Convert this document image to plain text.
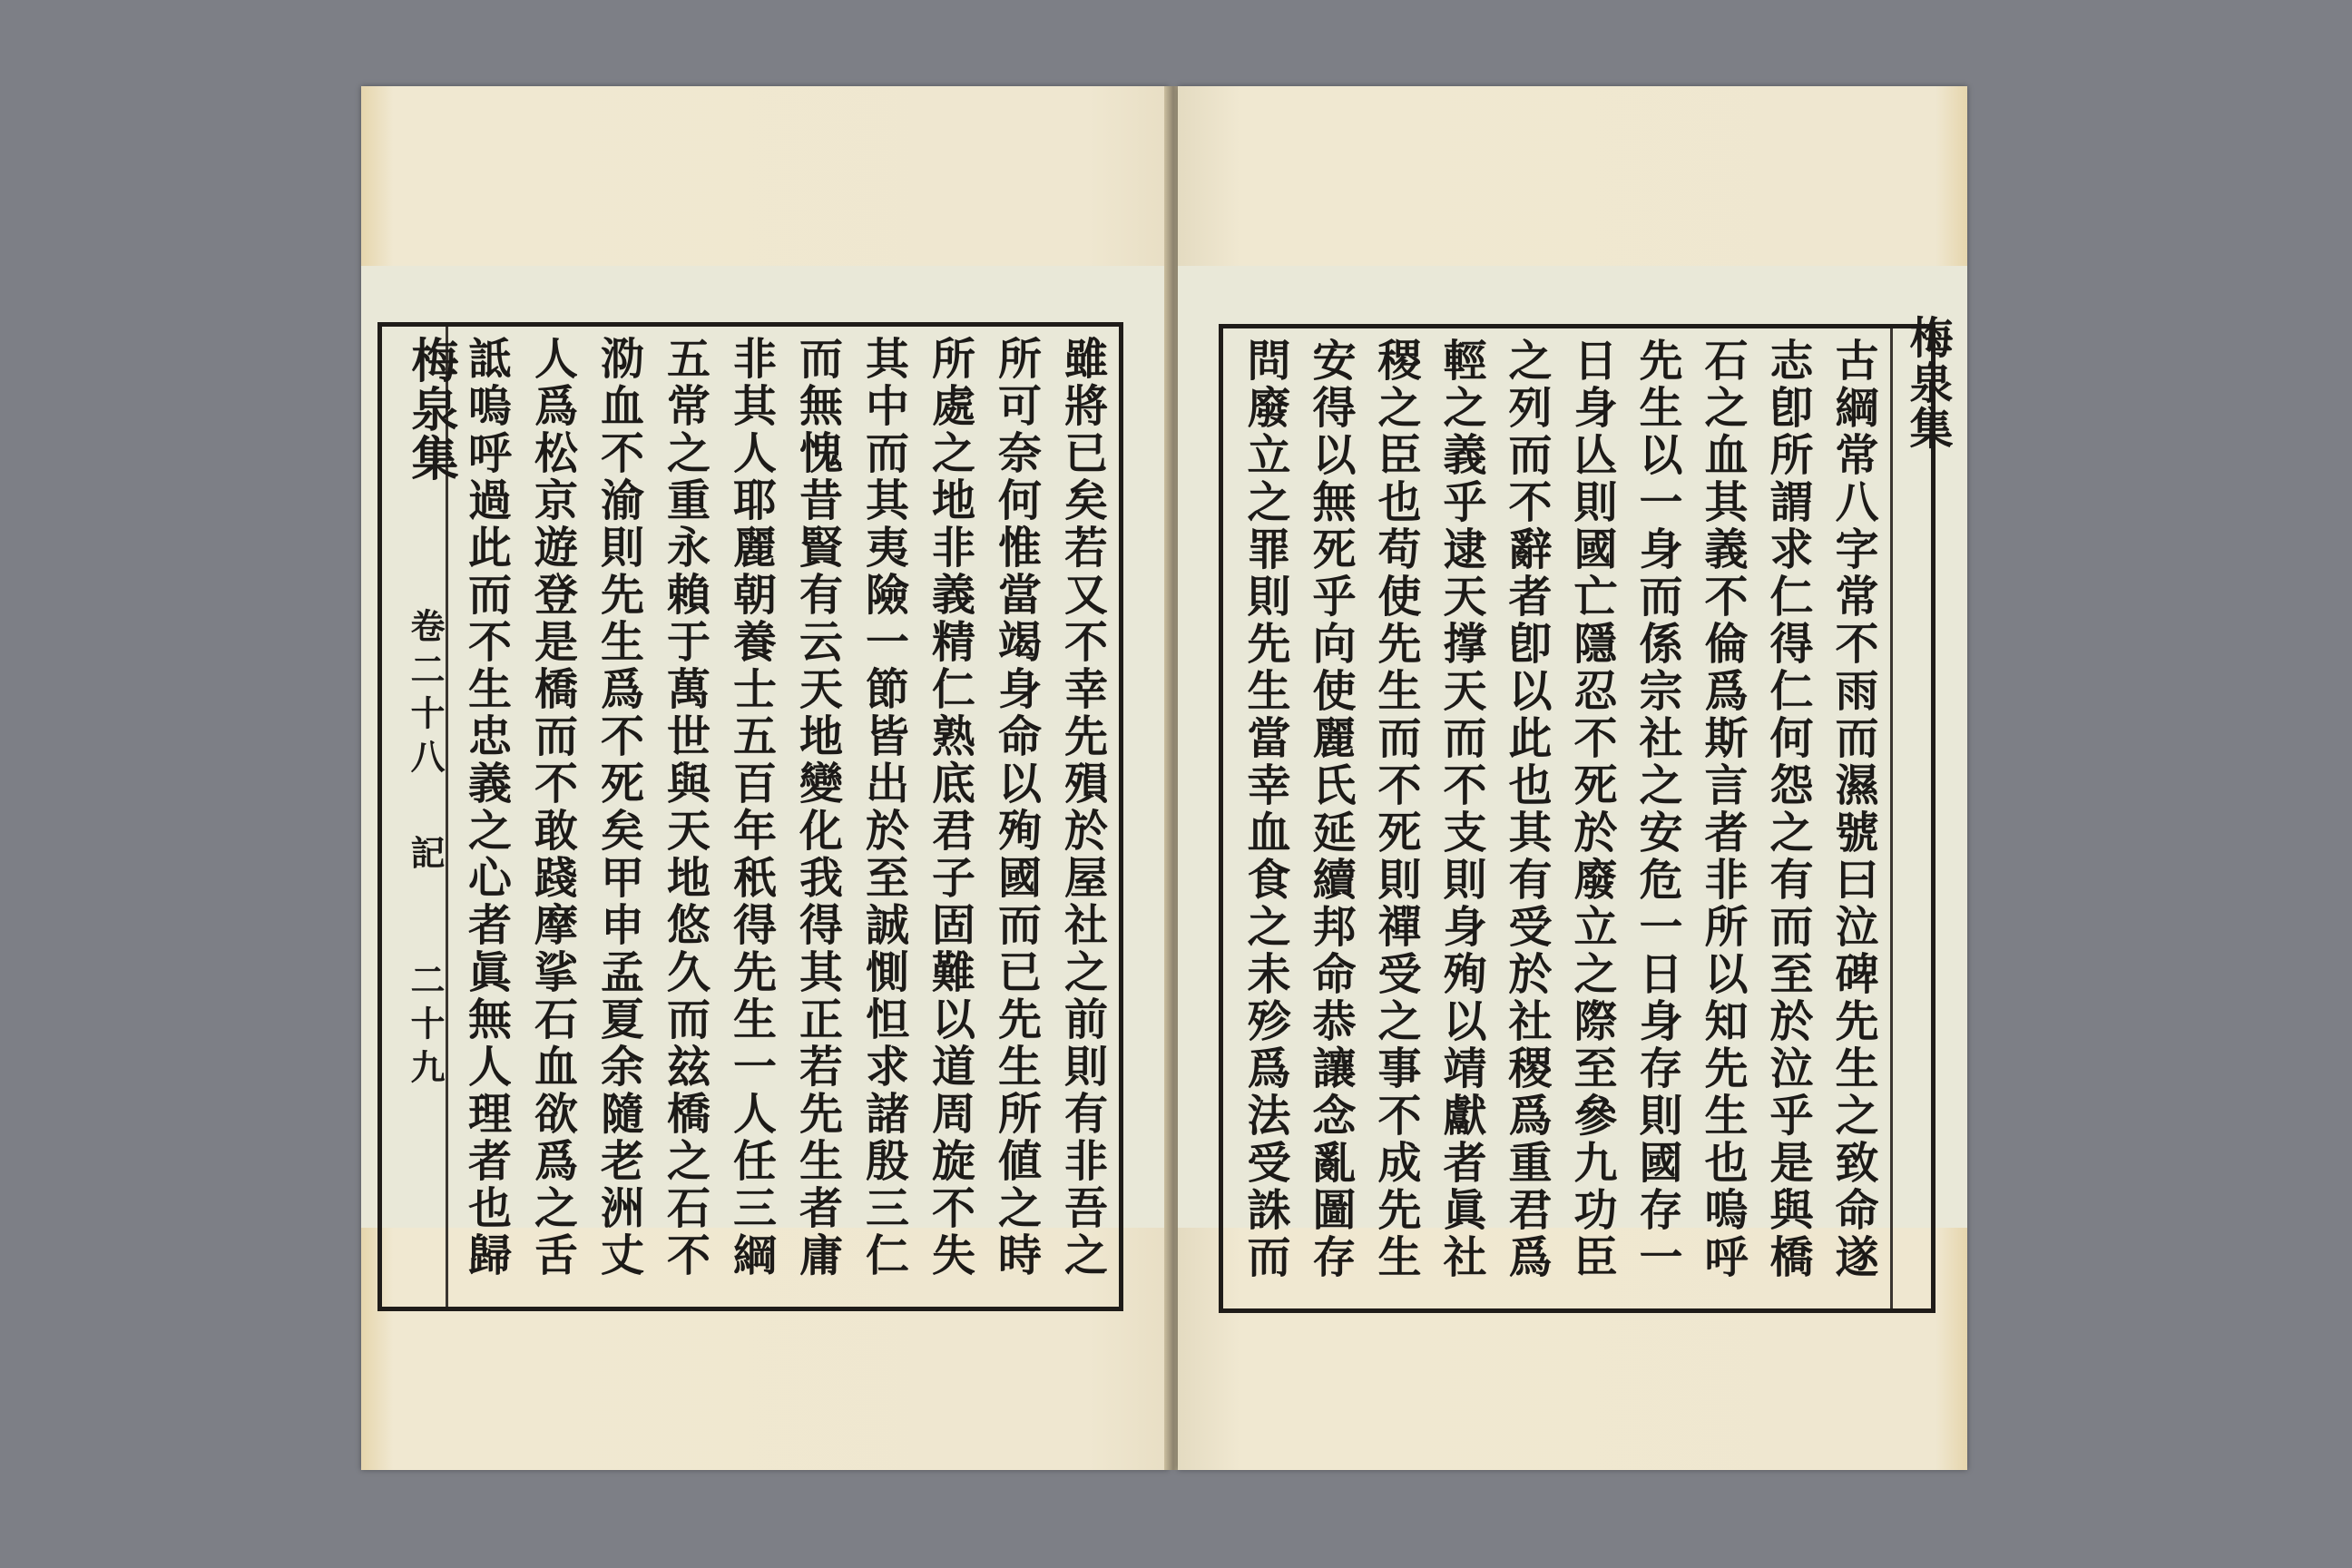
梅泉集
卷二十八
記
二十九	雖將已矣若又不幸先殞於屋社之前則有非吾之
所可奈何惟當竭身命以殉國而已先生所値之時
所處之地非義精仁熟底君子固難以道周旋不失
其中而其夷險一節皆出於至誠惻怛求諸殷三仁
而無愧昔賢有云天地變化我得其正若先生者庸
非其人耶麗朝養士五百年秖得先生一人任三綱
五常之重永賴于萬世與天地悠久而玆橋之石不
泐血不渝則先生爲不死矣甲申孟夏余隨老洲丈
人爲松京遊登是橋而不敢踐摩挲石血欲爲之舌
詆嗚呼過此而不生忠義之心者眞無人理者也歸	古綱常八字常不雨而濕號曰泣碑先生之致命遂
志卽所謂求仁得仁何怨之有而至於泣乎是與橋
石之血其義不倫爲斯言者非所以知先生也嗚呼
先生以一身而係宗社之安危一日身存則國存一
日身亾則國亡隱忍不死於廢立之際至參九功臣
之列而不辭者卽以此也其有受於社稷爲重君爲
輕之義乎逮天撑天而不支則身殉以靖獻者眞社
稷之臣也苟使先生而不死則禪受之事不成先生
安得以無死乎向使麗氏延續邦命恭讓念亂圖存
問廢立之罪則先生當幸血食之未殄爲法受誅而	梅泉集
